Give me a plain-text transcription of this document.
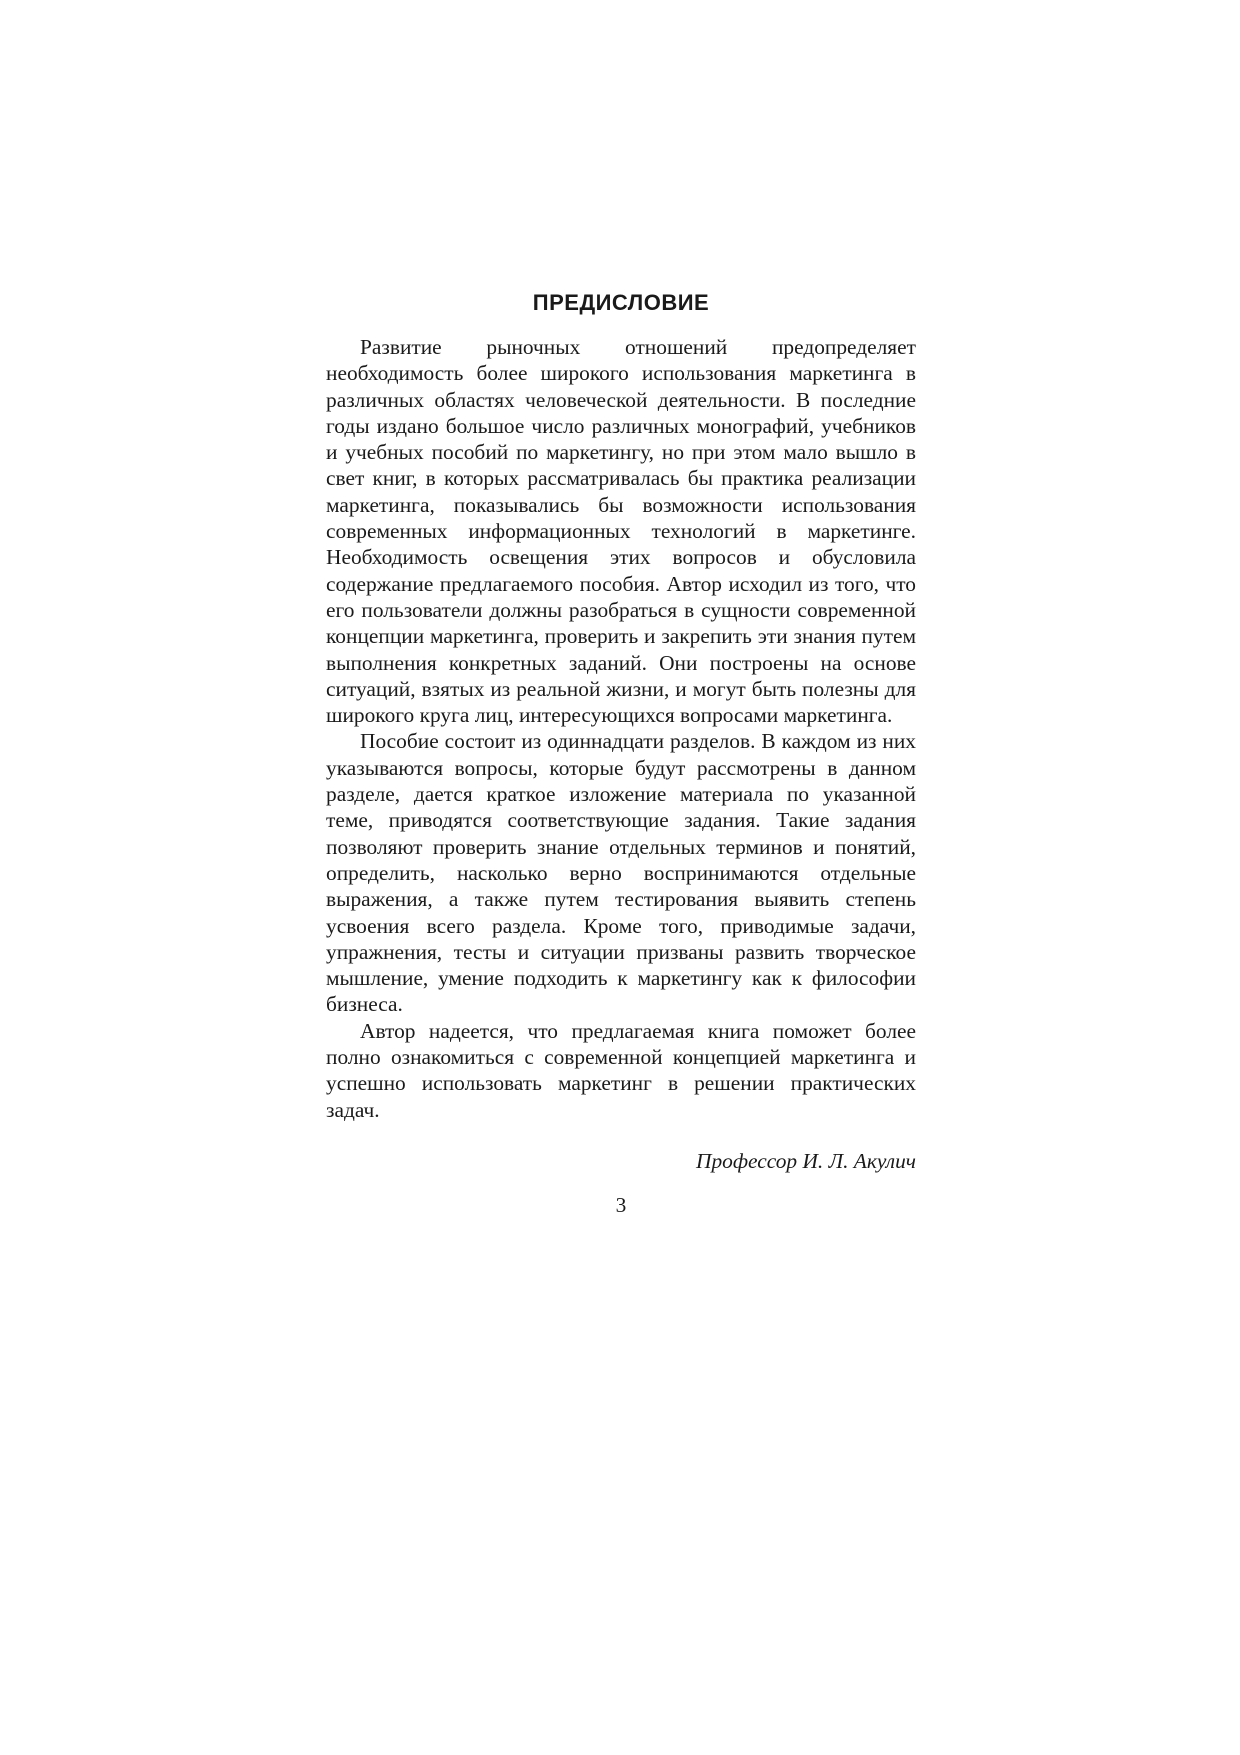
ПРЕДИСЛОВИЕ

Развитие рыночных отношений предопределяет необходимость более широкого использования маркетинга в различных областях человеческой деятельности. В последние годы издано большое число различных монографий, учебников и учебных пособий по маркетингу, но при этом мало вышло в свет книг, в которых рассматривалась бы практика реализации маркетинга, показывались бы возможности использования современных информационных технологий в маркетинге. Необходимость освещения этих вопросов и обусловила содержание предлагаемого пособия. Автор исходил из того, что его пользователи должны разобраться в сущности современной концепции маркетинга, проверить и закрепить эти знания путем выполнения конкретных заданий. Они построены на основе ситуаций, взятых из реальной жизни, и могут быть полезны для широкого круга лиц, интересующихся вопросами маркетинга.

Пособие состоит из одиннадцати разделов. В каждом из них указываются вопросы, которые будут рассмотрены в данном разделе, дается краткое изложение материала по указанной теме, приводятся соответствующие задания. Такие задания позволяют проверить знание отдельных терминов и понятий, определить, насколько верно воспринимаются отдельные выражения, а также путем тестирования выявить степень усвоения всего раздела. Кроме того, приводимые задачи, упражнения, тесты и ситуации призваны развить творческое мышление, умение подходить к маркетингу как к философии бизнеса.

Автор надеется, что предлагаемая книга поможет более полно ознакомиться с современной концепцией маркетинга и успешно использовать маркетинг в решении практических задач.

Профессор И. Л. Акулич
3
